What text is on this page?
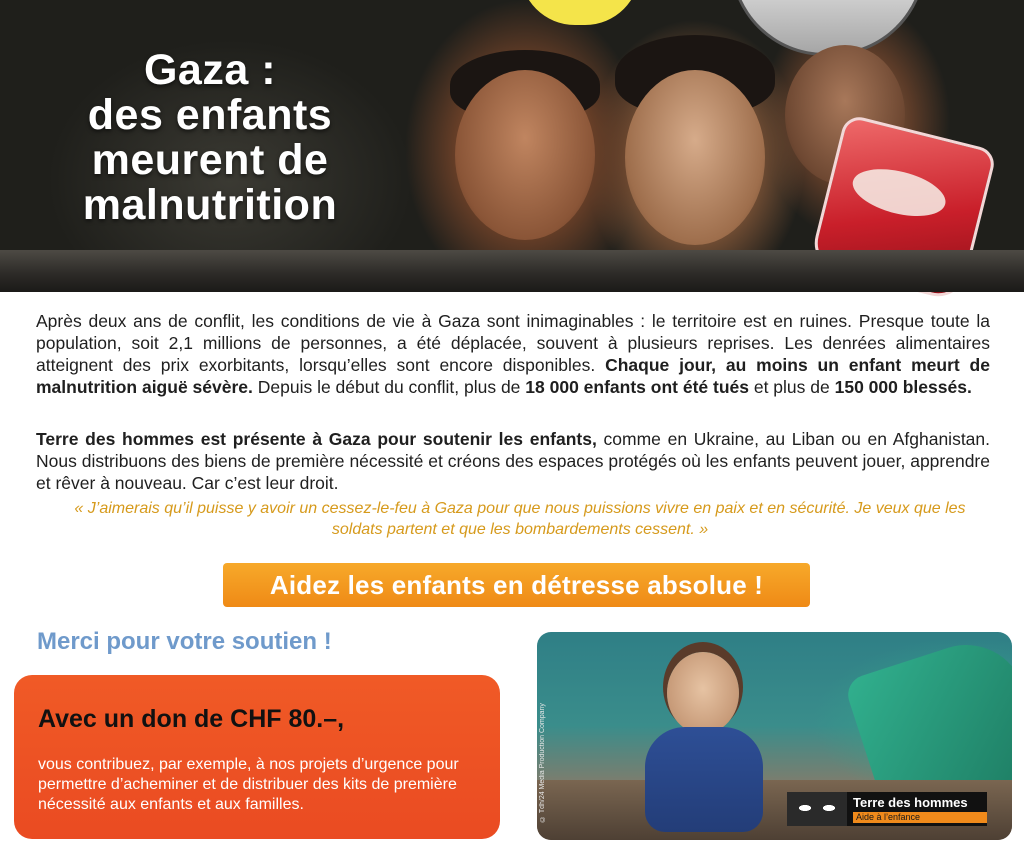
Gaza :
des enfants
meurent de
malnutrition

Après deux ans de conflit, les conditions de vie à Gaza sont inimaginables : le territoire est en ruines. Presque toute la population, soit 2,1 millions de personnes, a été déplacée, souvent à plusieurs reprises. Les denrées alimentaires atteignent des prix exorbitants, lorsqu’elles sont encore disponibles. Chaque jour, au moins un enfant meurt de malnutrition aiguë sévère. Depuis le début du conflit, plus de 18 000 enfants ont été tués et plus de 150 000 blessés.

Terre des hommes est présente à Gaza pour soutenir les enfants, comme en Ukraine, au Liban ou en Afghanistan. Nous distribuons des biens de première nécessité et créons des espaces protégés où les enfants peuvent jouer, apprendre et rêver à nouveau. Car c’est leur droit.

« J’aimerais qu’il puisse y avoir un cessez-le-feu à Gaza pour que nous puissions vivre en paix et en sécurité. Je veux que les soldats partent et que les bombardements cessent. »

Aidez les enfants en détresse absolue !

Merci pour votre soutien !

Avec un don de CHF 80.–,

vous contribuez, par exemple, à nos projets d’urgence pour permettre d’acheminer et de distribuer des kits de première nécessité aux enfants et aux familles.	© Tdh/24 Media Production Company	Terre des hommes
Aide à l’enfance
